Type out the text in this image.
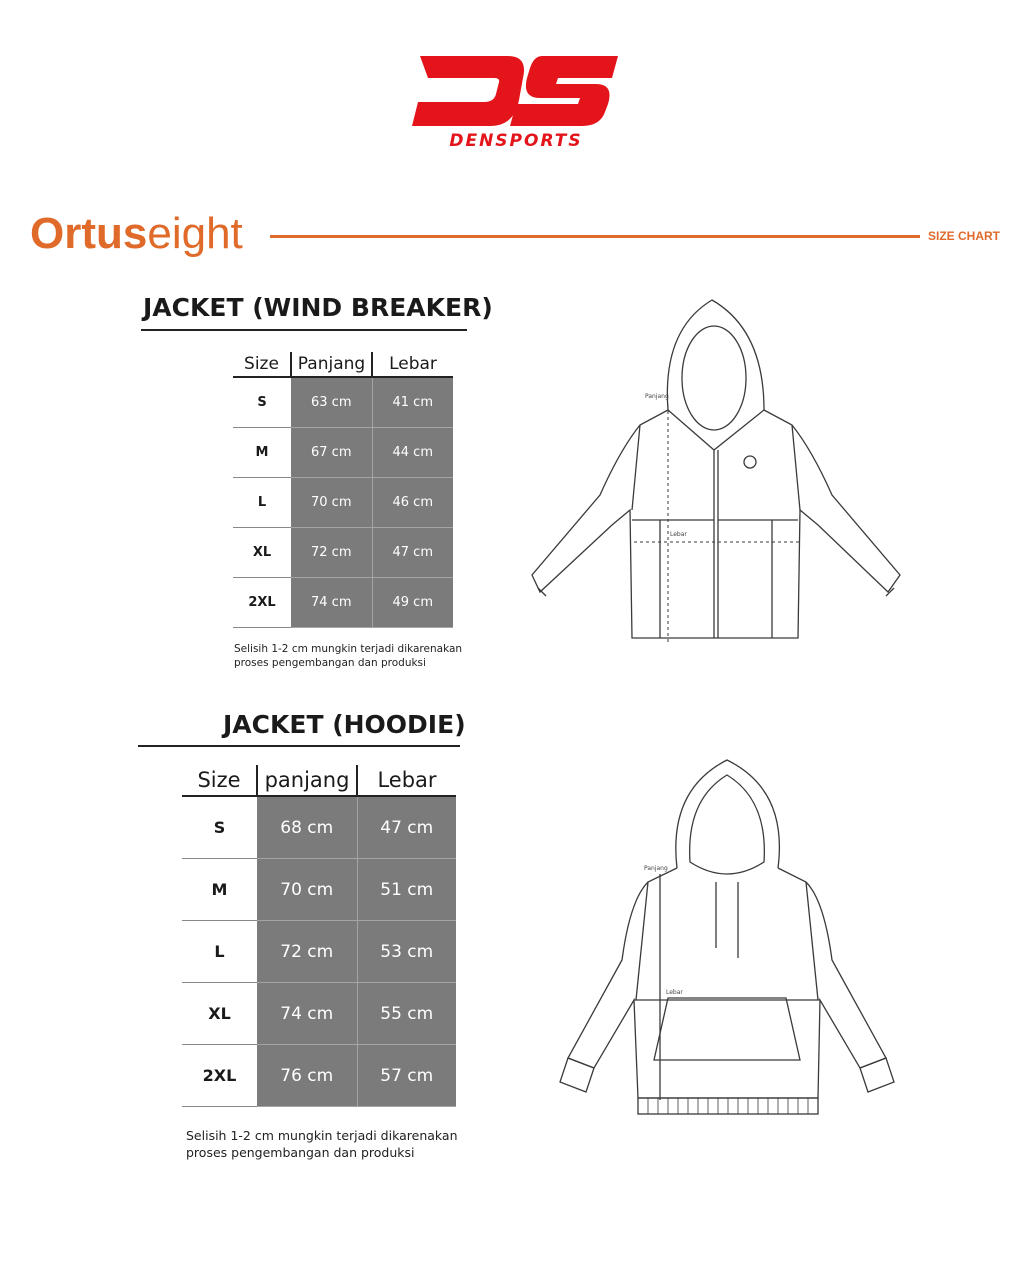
DENSPORTS
Ortuseight	SIZE CHART
JACKET (WIND BREAKER)
Size	Panjang	Lebar
S	63 cm	41 cm
M	67 cm	44 cm
L	70 cm	46 cm
XL	72 cm	47 cm
2XL	74 cm	49 cm
Selisih 1-2 cm mungkin terjadi dikarenakan
proses pengembangan dan produksi
Panjang
Lebar
JACKET (HOODIE)
Size	panjang	Lebar
S	68 cm	47 cm
M	70 cm	51 cm
L	72 cm	53 cm
XL	74 cm	55 cm
2XL	76 cm	57 cm
Selisih 1-2 cm mungkin terjadi dikarenakan
proses pengembangan dan produksi
Panjang
Lebar
